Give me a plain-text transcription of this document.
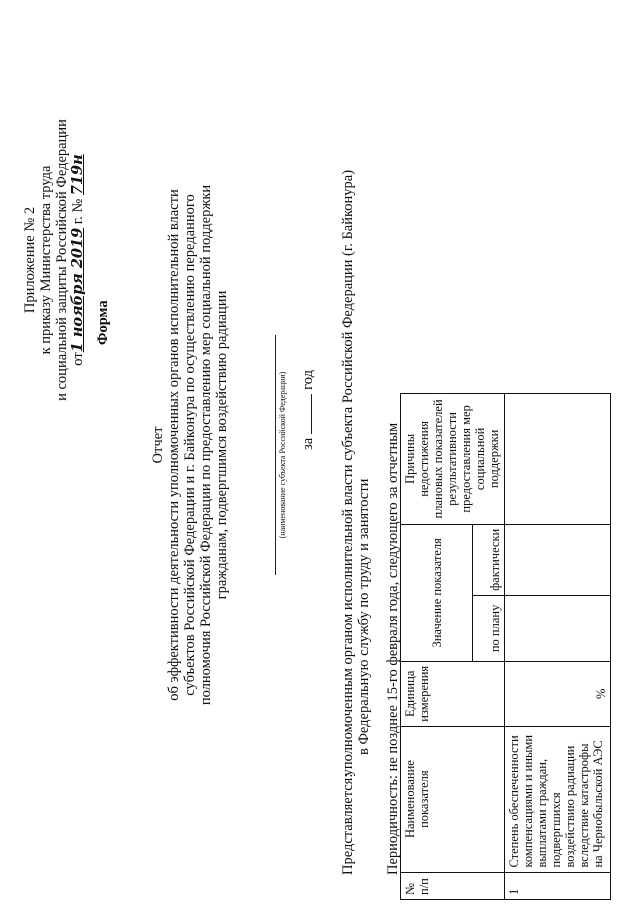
Приложение № 2 к приказу Министерства труда и социальной защиты Российской Федерации от1 ноября 2019 г. № 719н
Форма
Отчет об эффективности деятельности уполномоченных органов исполнительной власти субъектов Российской Федерации и г. Байконура по осуществлению переданного полномочия Российской Федерации по предоставлению мер социальной поддержки гражданам, подвергшимся воздействию радиации	(наименование субъекта Российской Федерации) загод
Представляется: уполномоченным органом исполнительной власти субъекта Российской Федерации (г. Байконура) в Федеральную службу по труду и занятости
Периодичность: не позднее 15-го февраля года, следующего за отчетным
№ п/п	Наименование показателя	Единица измерения	Значение показателя		Причины недостижения плановых показателей результативности предоставления мер социальной поддержки
			по плану	фактически	
1	Степень обеспеченности компенсациями и иными выплатами граждан, подвергшихся воздействию радиации вследствие катастрофы на Чернобыльской АЭС	%			
